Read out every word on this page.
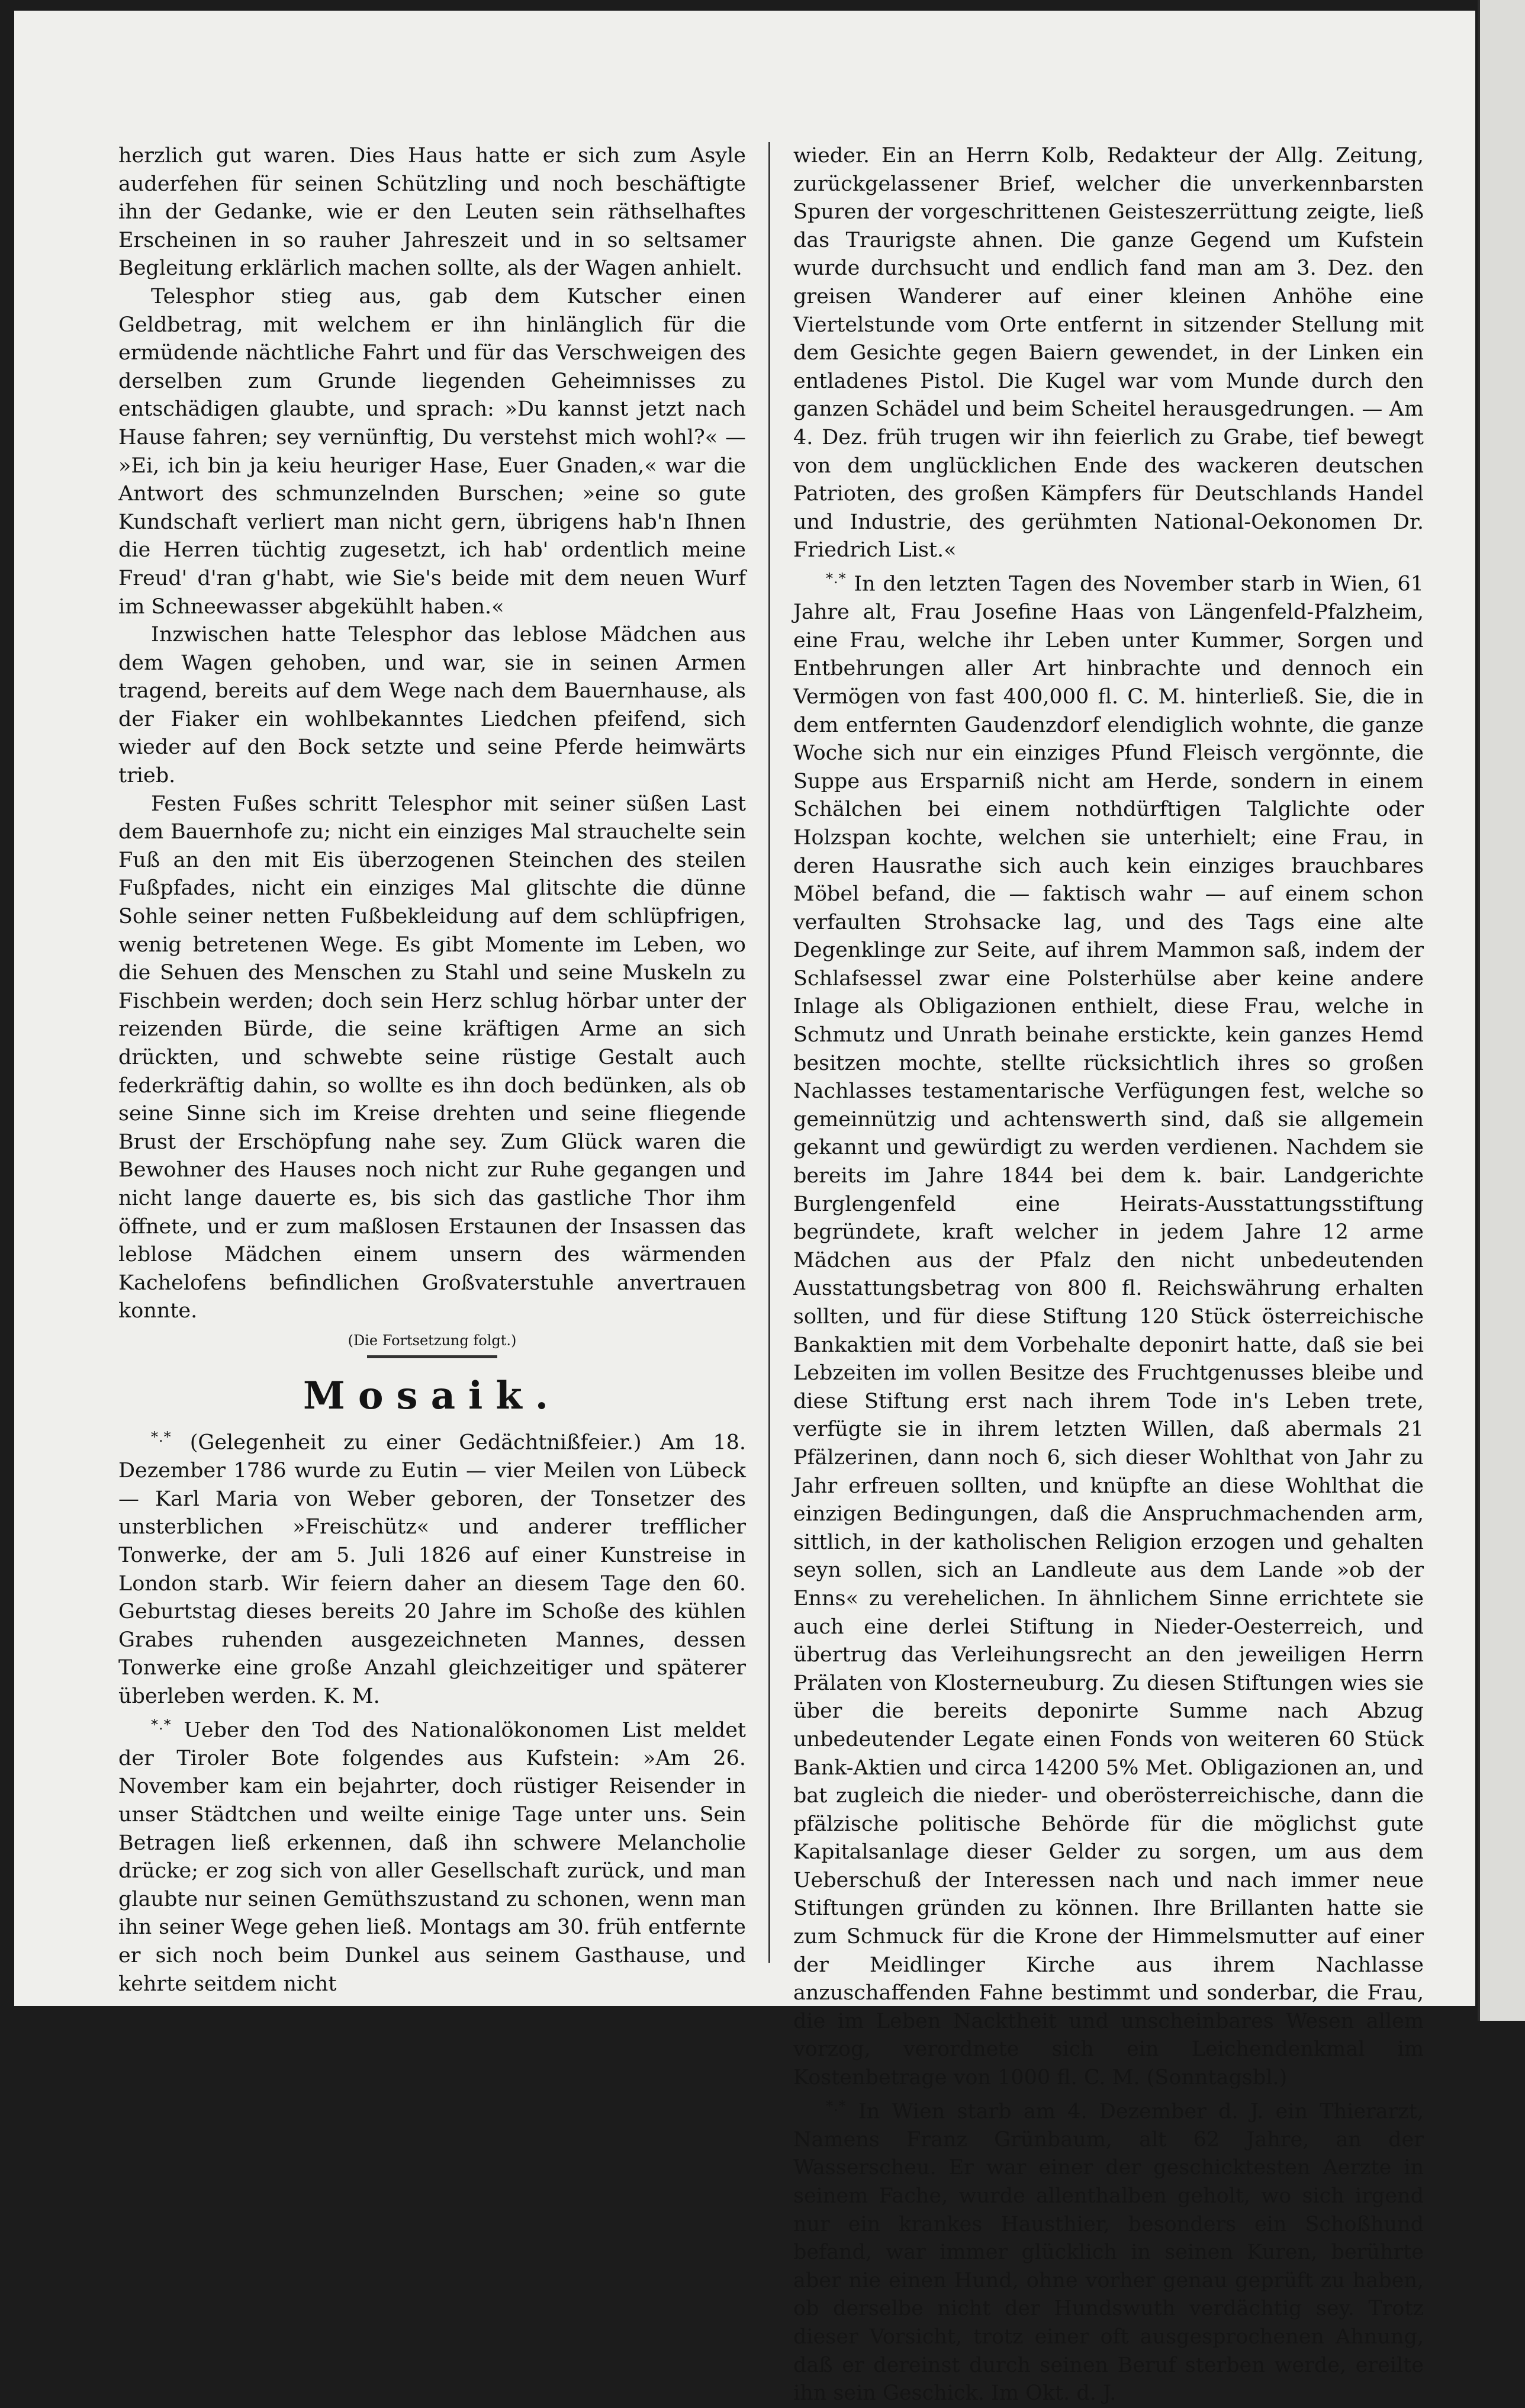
herzlich gut waren. Dies Haus hatte er sich zum Asyle auderfehen für seinen Schützling und noch beschäftigte ihn der Gedanke, wie er den Leuten sein räthselhaftes Erscheinen in so rauher Jahreszeit und in so seltsamer Begleitung erklärlich machen sollte, als der Wagen anhielt.

Telesphor stieg aus, gab dem Kutscher einen Geldbetrag, mit welchem er ihn hinlänglich für die ermüdende nächtliche Fahrt und für das Verschweigen des derselben zum Grunde liegenden Geheimnisses zu entschädigen glaubte, und sprach: »Du kannst jetzt nach Hause fahren; sey vernünftig, Du verstehst mich wohl?« — »Ei, ich bin ja keiu heuriger Hase, Euer Gnaden,« war die Antwort des schmunzelnden Burschen; »eine so gute Kundschaft verliert man nicht gern, übrigens hab'n Ihnen die Herren tüchtig zugesetzt, ich hab' ordentlich meine Freud' d'ran g'habt, wie Sie's beide mit dem neuen Wurf im Schneewasser abgekühlt haben.«

Inzwischen hatte Telesphor das leblose Mädchen aus dem Wagen gehoben, und war, sie in seinen Armen tragend, bereits auf dem Wege nach dem Bauernhause, als der Fiaker ein wohlbekanntes Liedchen pfeifend, sich wieder auf den Bock setzte und seine Pferde heimwärts trieb.

Festen Fußes schritt Telesphor mit seiner süßen Last dem Bauernhofe zu; nicht ein einziges Mal strauchelte sein Fuß an den mit Eis überzogenen Steinchen des steilen Fußpfades, nicht ein einziges Mal glitschte die dünne Sohle seiner netten Fußbekleidung auf dem schlüpfrigen, wenig betretenen Wege. Es gibt Momente im Leben, wo die Sehuen des Menschen zu Stahl und seine Muskeln zu Fischbein werden; doch sein Herz schlug hörbar unter der reizenden Bürde, die seine kräftigen Arme an sich drückten, und schwebte seine rüstige Gestalt auch federkräftig dahin, so wollte es ihn doch bedünken, als ob seine Sinne sich im Kreise drehten und seine fliegende Brust der Erschöpfung nahe sey. Zum Glück waren die Bewohner des Hauses noch nicht zur Ruhe gegangen und nicht lange dauerte es, bis sich das gastliche Thor ihm öffnete, und er zum maßlosen Erstaunen der Insassen das leblose Mädchen einem unsern des wärmenden Kachelofens befindlichen Großvaterstuhle anvertrauen konnte.

(Die Fortsetzung folgt.)
Mosaik.

*.* (Gelegenheit zu einer Gedächtnißfeier.) Am 18. Dezember 1786 wurde zu Eutin — vier Meilen von Lübeck — Karl Maria von Weber geboren, der Tonsetzer des unsterblichen »Freischütz« und anderer trefflicher Tonwerke, der am 5. Juli 1826 auf einer Kunstreise in London starb. Wir feiern daher an diesem Tage den 60. Geburtstag dieses bereits 20 Jahre im Schoße des kühlen Grabes ruhenden ausgezeichneten Mannes, dessen Tonwerke eine große Anzahl gleichzeitiger und späterer überleben werden. K. M.

*.* Ueber den Tod des Nationalökonomen List meldet der Tiroler Bote folgendes aus Kufstein: »Am 26. November kam ein bejahrter, doch rüstiger Reisender in unser Städtchen und weilte einige Tage unter uns. Sein Betragen ließ erkennen, daß ihn schwere Melancholie drücke; er zog sich von aller Gesellschaft zurück, und man glaubte nur seinen Gemüthszustand zu schonen, wenn man ihn seiner Wege gehen ließ. Montags am 30. früh entfernte er sich noch beim Dunkel aus seinem Gasthause, und kehrte seitdem nicht

wieder. Ein an Herrn Kolb, Redakteur der Allg. Zeitung, zurückgelassener Brief, welcher die unverkennbarsten Spuren der vorgeschrittenen Geisteszerrüttung zeigte, ließ das Traurigste ahnen. Die ganze Gegend um Kufstein wurde durchsucht und endlich fand man am 3. Dez. den greisen Wanderer auf einer kleinen Anhöhe eine Viertelstunde vom Orte entfernt in sitzender Stellung mit dem Gesichte gegen Baiern gewendet, in der Linken ein entladenes Pistol. Die Kugel war vom Munde durch den ganzen Schädel und beim Scheitel herausgedrungen. — Am 4. Dez. früh trugen wir ihn feierlich zu Grabe, tief bewegt von dem unglücklichen Ende des wackeren deutschen Patrioten, des großen Kämpfers für Deutschlands Handel und Industrie, des gerühmten National-Oekonomen Dr. Friedrich List.«

*.* In den letzten Tagen des November starb in Wien, 61 Jahre alt, Frau Josefine Haas von Längenfeld-Pfalzheim, eine Frau, welche ihr Leben unter Kummer, Sorgen und Entbehrungen aller Art hinbrachte und dennoch ein Vermögen von fast 400,000 fl. C. M. hinterließ. Sie, die in dem entfernten Gaudenzdorf elendiglich wohnte, die ganze Woche sich nur ein einziges Pfund Fleisch vergönnte, die Suppe aus Ersparniß nicht am Herde, sondern in einem Schälchen bei einem nothdürftigen Talglichte oder Holzspan kochte, welchen sie unterhielt; eine Frau, in deren Hausrathe sich auch kein einziges brauchbares Möbel befand, die — faktisch wahr — auf einem schon verfaulten Strohsacke lag, und des Tags eine alte Degenklinge zur Seite, auf ihrem Mammon saß, indem der Schlafsessel zwar eine Polsterhülse aber keine andere Inlage als Obligazionen enthielt, diese Frau, welche in Schmutz und Unrath beinahe erstickte, kein ganzes Hemd besitzen mochte, stellte rücksichtlich ihres so großen Nachlasses testamentarische Verfügungen fest, welche so gemeinnützig und achtenswerth sind, daß sie allgemein gekannt und gewürdigt zu werden verdienen. Nachdem sie bereits im Jahre 1844 bei dem k. bair. Landgerichte Burglengenfeld eine Heirats-Ausstattungsstiftung begründete, kraft welcher in jedem Jahre 12 arme Mädchen aus der Pfalz den nicht unbedeutenden Ausstattungsbetrag von 800 fl. Reichswährung erhalten sollten, und für diese Stiftung 120 Stück österreichische Bankaktien mit dem Vorbehalte deponirt hatte, daß sie bei Lebzeiten im vollen Besitze des Fruchtgenusses bleibe und diese Stiftung erst nach ihrem Tode in's Leben trete, verfügte sie in ihrem letzten Willen, daß abermals 21 Pfälzerinen, dann noch 6, sich dieser Wohlthat von Jahr zu Jahr erfreuen sollten, und knüpfte an diese Wohlthat die einzigen Bedingungen, daß die Anspruchmachenden arm, sittlich, in der katholischen Religion erzogen und gehalten seyn sollen, sich an Landleute aus dem Lande »ob der Enns« zu verehelichen. In ähnlichem Sinne errichtete sie auch eine derlei Stiftung in Nieder-Oesterreich, und übertrug das Verleihungsrecht an den jeweiligen Herrn Prälaten von Klosterneuburg. Zu diesen Stiftungen wies sie über die bereits deponirte Summe nach Abzug unbedeutender Legate einen Fonds von weiteren 60 Stück Bank-Aktien und circa 14200 5% Met. Obligazionen an, und bat zugleich die nieder- und oberösterreichische, dann die pfälzische politische Behörde für die möglichst gute Kapitalsanlage dieser Gelder zu sorgen, um aus dem Ueberschuß der Interessen nach und nach immer neue Stiftungen gründen zu können. Ihre Brillanten hatte sie zum Schmuck für die Krone der Himmelsmutter auf einer der Meidlinger Kirche aus ihrem Nachlasse anzuschaffenden Fahne bestimmt und sonderbar, die Frau, die im Leben Nacktheit und unscheinbares Wesen allem vorzog, verordnete sich ein Leichendenkmal im Kostenbetrage von 1000 fl. C. M. (Sonntagsbl.)

*.* In Wien starb am 4. Dezember d. J. ein Thierarzt, Namens Franz Grünbaum, alt 62 Jahre, an der Wasserscheu. Er war einer der geschicktesten Aerzte in seinem Fache, wurde allenthalben geholt, wo sich irgend nur ein krankes Hausthier, besonders ein Schoßhund befand, war immer glücklich in seinen Kuren, berührte aber nie einen Hund, ohne vorher genau geprüft zu haben, ob derselbe nicht der Hundswuth verdächtig sey. Trotz dieser Vorsicht, trotz einer oft ausgesprochenen Ahnung, daß er dereinst durch seinen Beruf sterben werde, ereilte ihn sein Geschick. Im Okt. d. J.
